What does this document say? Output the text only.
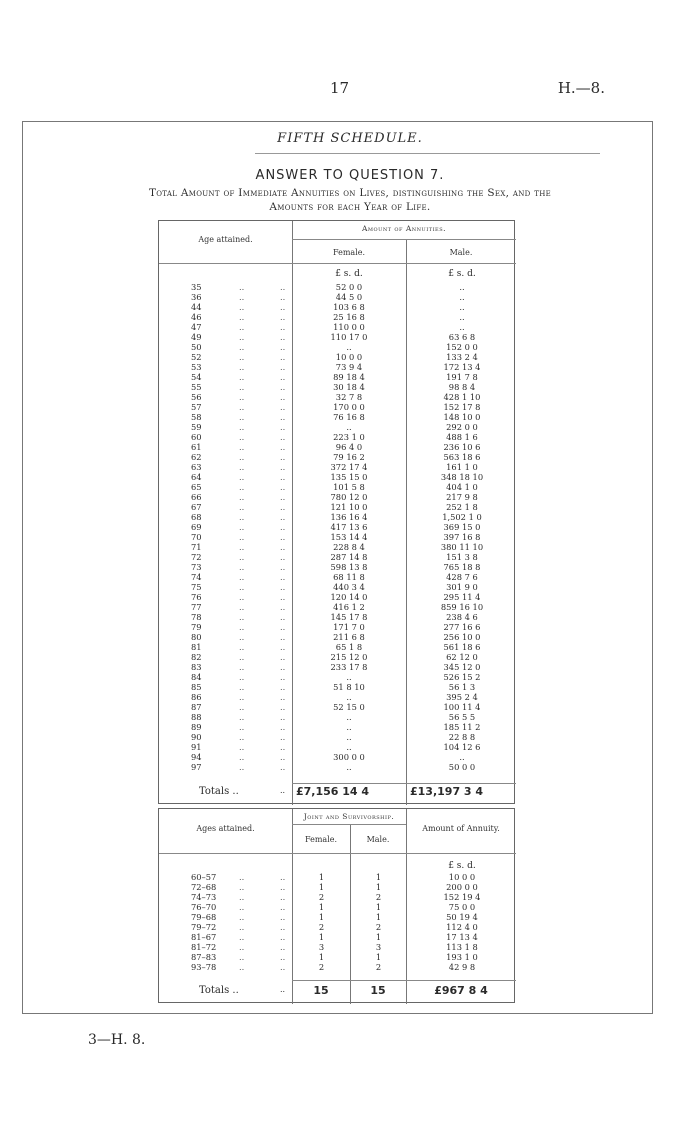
17	H.—8.
FIFTH SCHEDULE.
ANSWER TO QUESTION 7.
Total Amount of Immediate Annuities on Lives, distinguishing the Sex, and the
Amounts for each Year of Life.
Age attained.
Amount of Annuities.
Female.	Male.
£ s. d.	£ s. d.
35	..	..	52 0 0	..
36	..	..	44 5 0	..
44	..	..	103 6 8	..
46	..	..	25 16 8	..
47	..	..	110 0 0	..
49	..	..	110 17 0	63 6 8
50	..	..	..	152 0 0
52	..	..	10 0 0	133 2 4
53	..	..	73 9 4	172 13 4
54	..	..	89 18 4	191 7 8
55	..	..	30 18 4	98 8 4
56	..	..	32 7 8	428 1 10
57	..	..	170 0 0	152 17 8
58	..	..	76 16 8	148 10 0
59	..	..	..	292 0 0
60	..	..	223 1 0	488 1 6
61	..	..	96 4 0	236 10 6
62	..	..	79 16 2	563 18 6
63	..	..	372 17 4	161 1 0
64	..	..	135 15 0	348 18 10
65	..	..	101 5 8	404 1 0
66	..	..	780 12 0	217 9 8
67	..	..	121 10 0	252 1 8
68	..	..	136 16 4	1,502 1 0
69	..	..	417 13 6	369 15 0
70	..	..	153 14 4	397 16 8
71	..	..	228 8 4	380 11 10
72	..	..	287 14 8	151 3 8
73	..	..	598 13 8	765 18 8
74	..	..	68 11 8	428 7 6
75	..	..	440 3 4	301 9 0
76	..	..	120 14 0	295 11 4
77	..	..	416 1 2	859 16 10
78	..	..	145 17 8	238 4 6
79	..	..	171 7 0	277 16 6
80	..	..	211 6 8	256 10 0
81	..	..	65 1 8	561 18 6
82	..	..	215 12 0	62 12 0
83	..	..	233 17 8	345 12 0
84	..	..	..	526 15 2
85	..	..	51 8 10	56 1 3
86	..	..	..	395 2 4
87	..	..	52 15 0	100 11 4
88	..	..	..	56 5 5
89	..	..	..	185 11 2
90	..	..	..	22 8 8
91	..	..	..	104 12 6
94	..	..	300 0 0	..
97	..	..	..	50 0 0
Totals ..	.. £7,156 14 4	£13,197 3 4
Ages attained.
Joint and Survivorship.
Female.	Male.
Amount of Annuity.
£ s. d.
60–57	..	..	1	1	10 0 0
72–68	..	..	1	1	200 0 0
74–73	..	..	2	2	152 19 4
76–70	..	..	1	1	75 0 0
79–68	..	..	1	1	50 19 4
79–72	..	..	2	2	112 4 0
81–67	..	..	1	1	17 13 4
81–72	..	..	3	3	113 1 8
87–83	..	..	1	1	193 1 0
93–78	..	..	2	2	42 9 8
Totals ..	..	15	15	£967 8 4
3—H. 8.
